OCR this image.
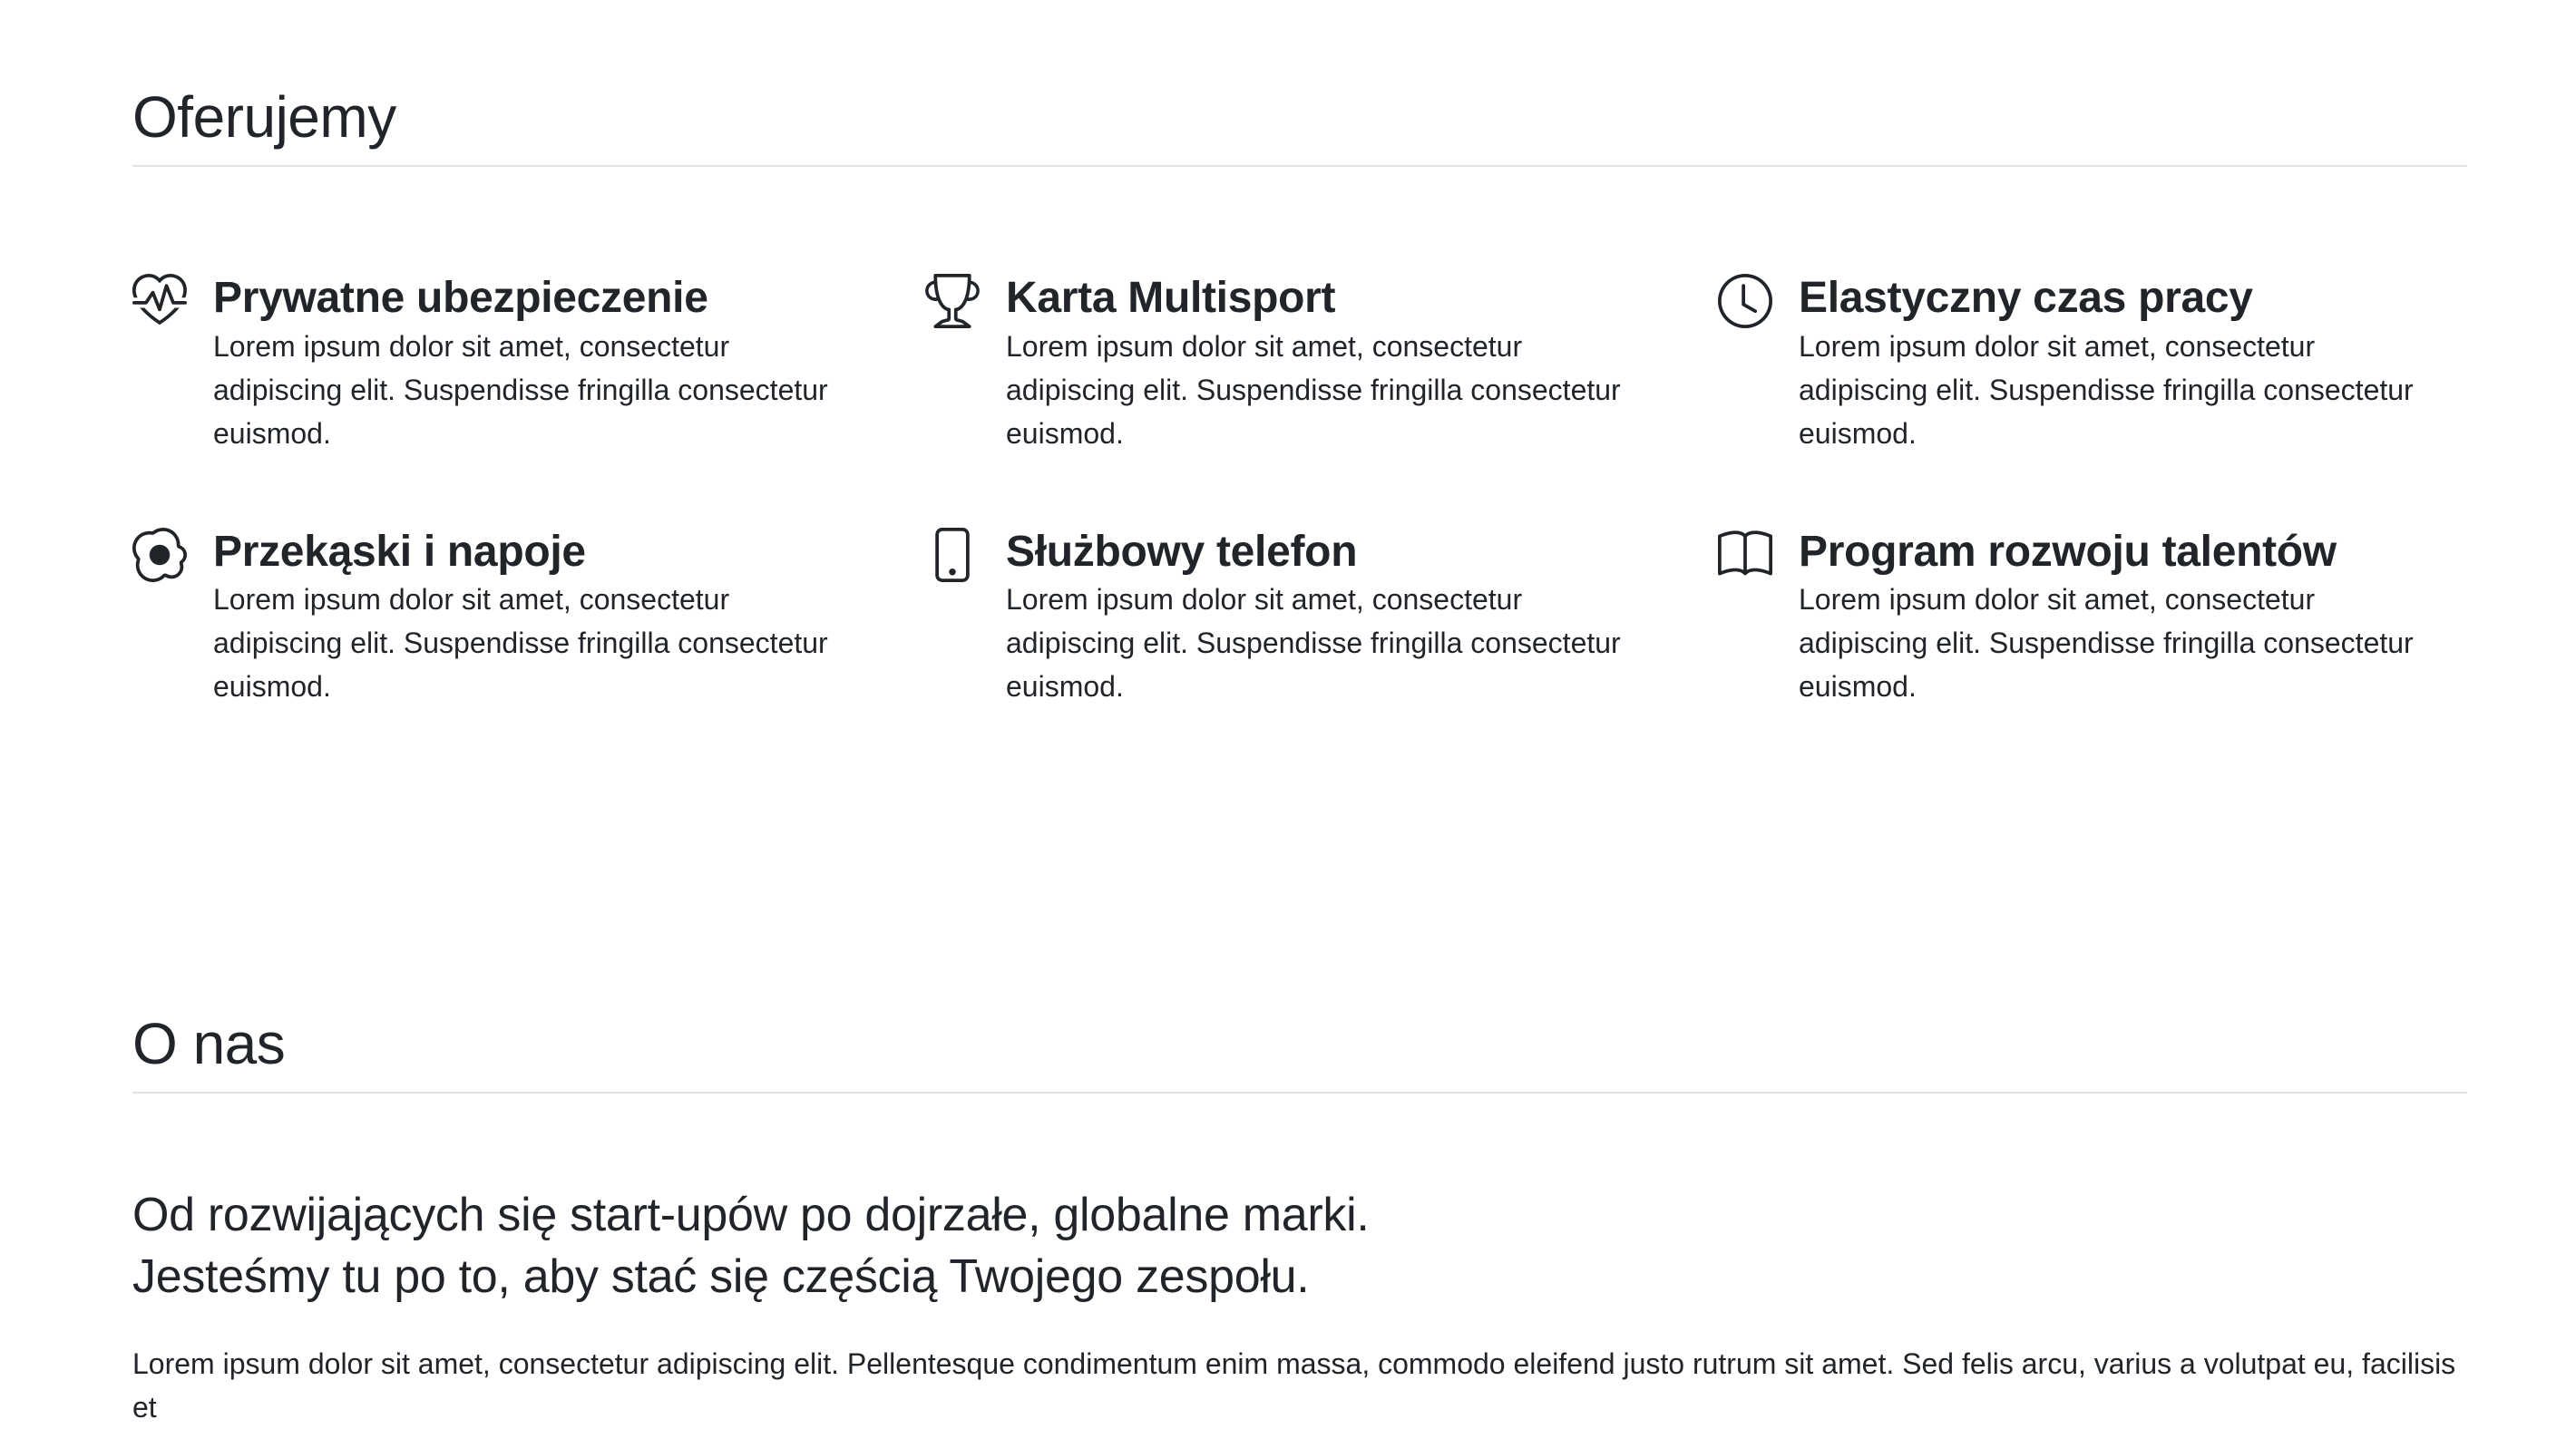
Oferujemy
Prywatne ubezpieczenie

Lorem ipsum dolor sit amet, consectetur adipiscing elit. Suspendisse fringilla consectetur euismod.

Karta Multisport

Lorem ipsum dolor sit amet, consectetur adipiscing elit. Suspendisse fringilla consectetur euismod.

Elastyczny czas pracy

Lorem ipsum dolor sit amet, consectetur adipiscing elit. Suspendisse fringilla consectetur euismod.

Przekąski i napoje

Lorem ipsum dolor sit amet, consectetur adipiscing elit. Suspendisse fringilla consectetur euismod.

Służbowy telefon

Lorem ipsum dolor sit amet, consectetur adipiscing elit. Suspendisse fringilla consectetur euismod.

Program rozwoju talentów

Lorem ipsum dolor sit amet, consectetur adipiscing elit. Suspendisse fringilla consectetur euismod.

O nas
Od rozwijających się start-upów po dojrzałe, globalne marki.
Jesteśmy tu po to, aby stać się częścią Twojego zespołu.

Lorem ipsum dolor sit amet, consectetur adipiscing elit. Pellentesque condimentum enim massa, commodo eleifend justo rutrum sit amet. Sed felis arcu, varius a volutpat eu, facilisis et
